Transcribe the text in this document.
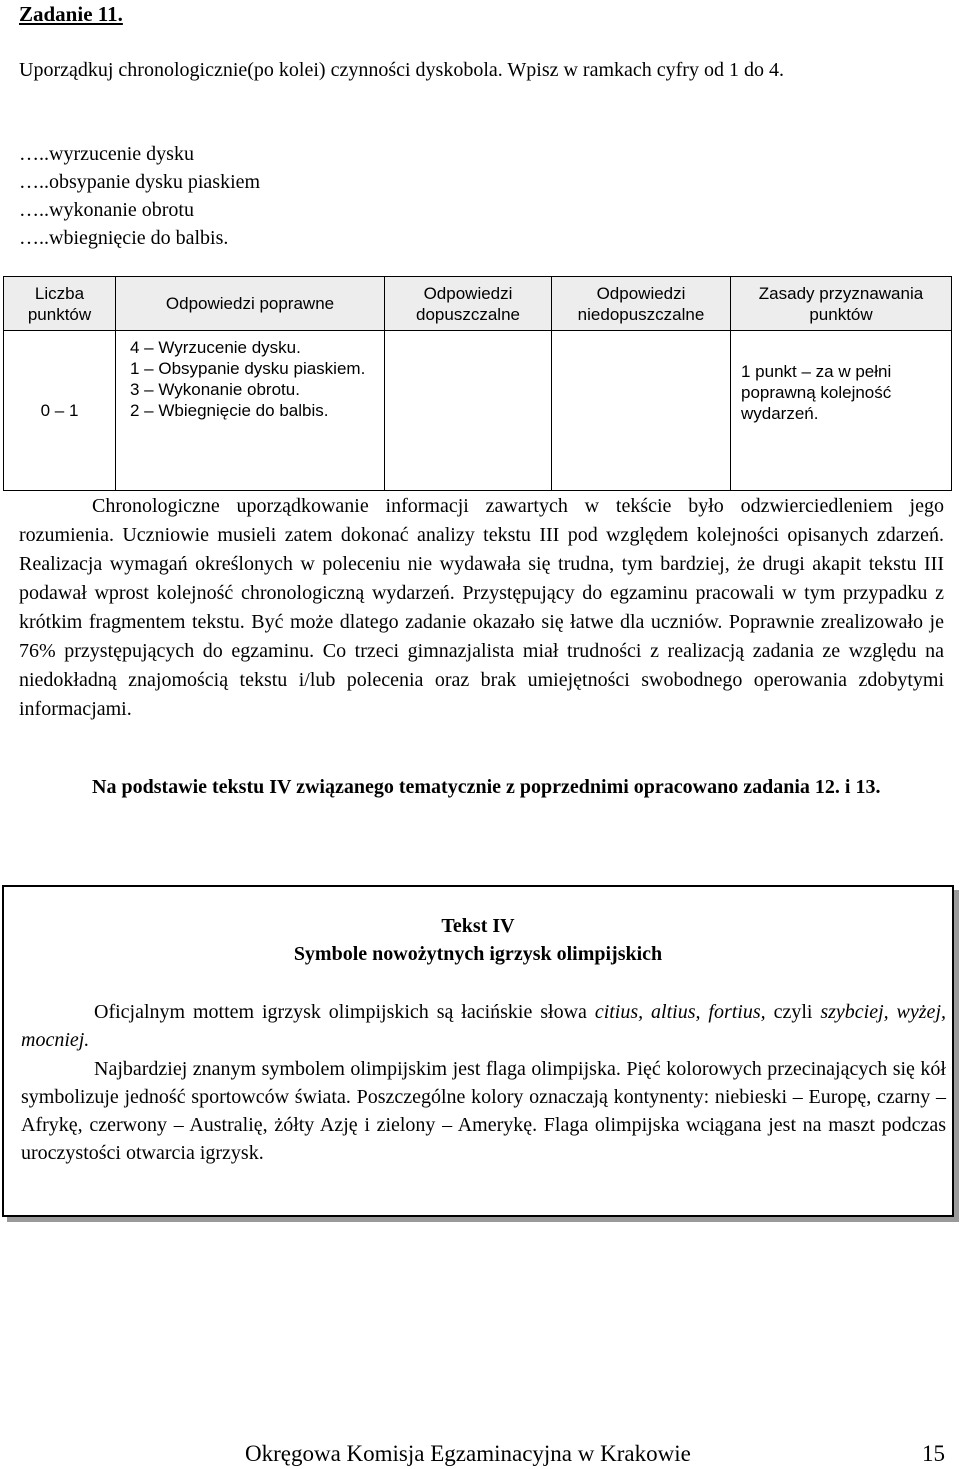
Zadanie 11.
Uporządkuj chronologicznie(po kolei) czynności dyskobola. Wpisz w ramkach cyfry od 1 do 4.
…..wyrzucenie dysku
…..obsypanie dysku piaskiem
…..wykonanie obrotu
…..wbiegnięcie do balbis.
Liczba punktów	Odpowiedzi poprawne	Odpowiedzi dopuszczalne	Odpowiedzi niedopuszczalne	Zasady przyznawania punktów
0 – 1	4 – Wyrzucenie dysku.
1 – Obsypanie dysku piaskiem.
3 – Wykonanie obrotu.
2 – Wbiegnięcie do balbis.			1 punkt – za w pełni poprawną kolejność wydarzeń.
Chronologiczne uporządkowanie informacji zawartych w tekście było odzwierciedleniem jego rozumienia. Uczniowie musieli zatem dokonać analizy tekstu III pod względem kolejności opisanych zdarzeń. Realizacja wymagań określonych w poleceniu nie wydawała się trudna, tym bardziej, że drugi akapit tekstu III podawał wprost kolejność chronologiczną wydarzeń. Przystępujący do egzaminu pracowali w tym przypadku z krótkim fragmentem tekstu. Być może dlatego zadanie okazało się łatwe dla uczniów. Poprawnie zrealizowało je 76% przystępujących do egzaminu. Co trzeci gimnazjalista miał trudności z realizacją zadania ze względu na niedokładną znajomością tekstu i/lub polecenia oraz brak umiejętności swobodnego operowania zdobytymi informacjami.
Na podstawie tekstu IV związanego tematycznie z poprzednimi opracowano zadania 12. i 13.
Tekst IV
Symbole nowożytnych igrzysk olimpijskich
Oficjalnym mottem igrzysk olimpijskich są łacińskie słowa citius, altius, fortius, czyli szybciej, wyżej, mocniej.
Najbardziej znanym symbolem olimpijskim jest flaga olimpijska. Pięć kolorowych przecinających się kół symbolizuje jedność sportowców świata. Poszczególne kolory oznaczają kontynenty: niebieski – Europę, czarny – Afrykę, czerwony – Australię, żółty Azję i zielony – Amerykę. Flaga olimpijska wciągana jest na maszt podczas uroczystości otwarcia igrzysk.
Okręgowa Komisja Egzaminacyjna w Krakowie	15
